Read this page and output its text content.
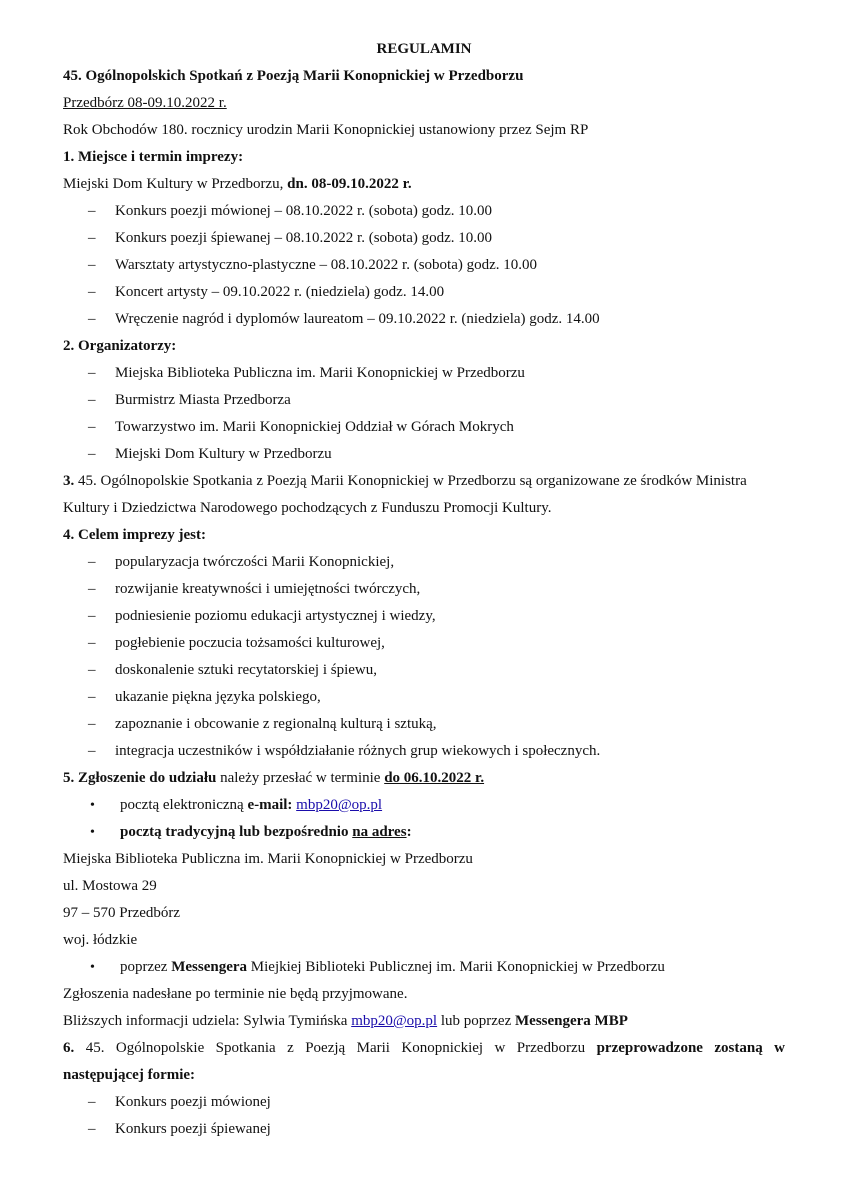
REGULAMIN
45. Ogólnopolskich Spotkań z Poezją Marii Konopnickiej w Przedborzu
Przedbórz 08-09.10.2022 r.
Rok Obchodów 180. rocznicy urodzin Marii Konopnickiej ustanowiony przez Sejm RP
1. Miejsce i termin imprezy:
Miejski Dom Kultury w Przedborzu, dn. 08-09.10.2022 r.
– Konkurs poezji mówionej – 08.10.2022 r. (sobota) godz. 10.00
– Konkurs poezji śpiewanej – 08.10.2022 r. (sobota) godz. 10.00
– Warsztaty artystyczno-plastyczne – 08.10.2022 r. (sobota) godz. 10.00
– Koncert artysty – 09.10.2022 r. (niedziela) godz. 14.00
– Wręczenie nagród i dyplomów laureatom – 09.10.2022 r. (niedziela) godz. 14.00
2. Organizatorzy:
– Miejska Biblioteka Publiczna im. Marii Konopnickiej w Przedborzu
– Burmistrz Miasta Przedborza
– Towarzystwo im. Marii Konopnickiej Oddział w Górach Mokrych
– Miejski Dom Kultury w Przedborzu
3. 45. Ogólnopolskie Spotkania z Poezją Marii Konopnickiej w Przedborzu są organizowane ze środków Ministra
Kultury i Dziedzictwa Narodowego pochodzących z Funduszu Promocji Kultury.
4. Celem imprezy jest:
– popularyzacja twórczości Marii Konopnickiej,
– rozwijanie kreatywności i umiejętności twórczych,
– podniesienie poziomu edukacji artystycznej i wiedzy,
– pogłebienie poczucia tożsamości kulturowej,
– doskonalenie sztuki recytatorskiej i śpiewu,
– ukazanie piękna języka polskiego,
– zapoznanie i obcowanie z regionalną kulturą i sztuką,
– integracja uczestników i współdziałanie różnych grup wiekowych i społecznych.
5. Zgłoszenie do udziału należy przesłać w terminie do 06.10.2022 r.
• pocztą elektroniczną e-mail: mbp20@op.pl
• pocztą tradycyjną lub bezpośrednio na adres:
Miejska Biblioteka Publiczna im. Marii Konopnickiej w Przedborzu
ul. Mostowa 29
97 – 570 Przedbórz
woj. łódzkie
• poprzez Messengera Miejkiej Biblioteki Publicznej im. Marii Konopnickiej w Przedborzu
Zgłoszenia nadesłane po terminie nie będą przyjmowane.
Bliższych informacji udziela: Sylwia Tymińska mbp20@op.pl lub poprzez Messengera MBP
6. 45. Ogólnopolskie Spotkania z Poezją Marii Konopnickiej w Przedborzu przeprowadzone zostaną w
następującej formie:
– Konkurs poezji mówionej
– Konkurs poezji śpiewanej
